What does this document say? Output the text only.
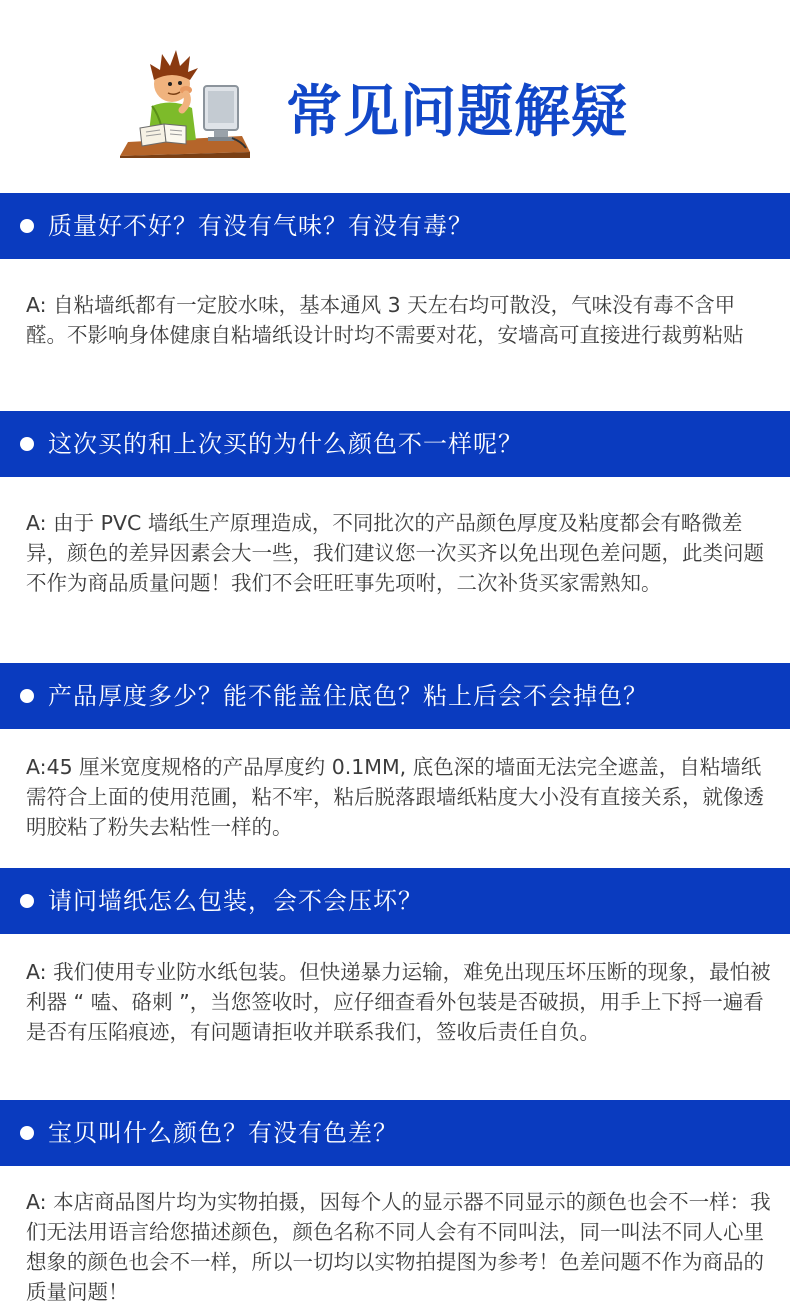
常见问题解疑
质量好不好？有没有气味？有没有毒？
A: 自粘墙纸都有一定胶水味，基本通风 3 天左右均可散没，气味没有毒不含甲醛。不影响身体健康自粘墙纸设计时均不需要对花，安墙高可直接进行裁剪粘贴
这次买的和上次买的为什么颜色不一样呢？
A: 由于 PVC 墙纸生产原理造成，不同批次的产品颜色厚度及粘度都会有略微差异，颜色的差异因素会大一些，我们建议您一次买齐以免出现色差问题，此类问题不作为商品质量问题！我们不会旺旺事先项咐，二次补货买家需熟知。
产品厚度多少？能不能盖住底色？粘上后会不会掉色？
A:45 厘米宽度规格的产品厚度约 0.1MM, 底色深的墙面无法完全遮盖，自粘墙纸需符合上面的使用范圃，粘不牢，粘后脱落跟墙纸粘度大小没有直接关系，就像透明胶粘了粉失去粘性一样的。
请问墙纸怎么包装，会不会压坏？
A: 我们使用专业防水纸包装。但快递暴力运输，难免出现压坏压断的现象，最怕被利器 “ 嗑、硌刺 ”，当您签收时，应仔细查看外包装是否破损，用手上下捋一遍看是否有压陷痕迹，有问题请拒收并联系我们，签收后责任自负。
宝贝叫什么颜色？有没有色差？
A: 本店商品图片均为实物拍摄，因每个人的显示器不同显示的颜色也会不一样：我们无法用语言给您描述颜色，颜色名称不同人会有不同叫法，同一叫法不同人心里想象的颜色也会不一样，所以一切均以实物拍提图为参考！色差问题不作为商品的质量问题！
